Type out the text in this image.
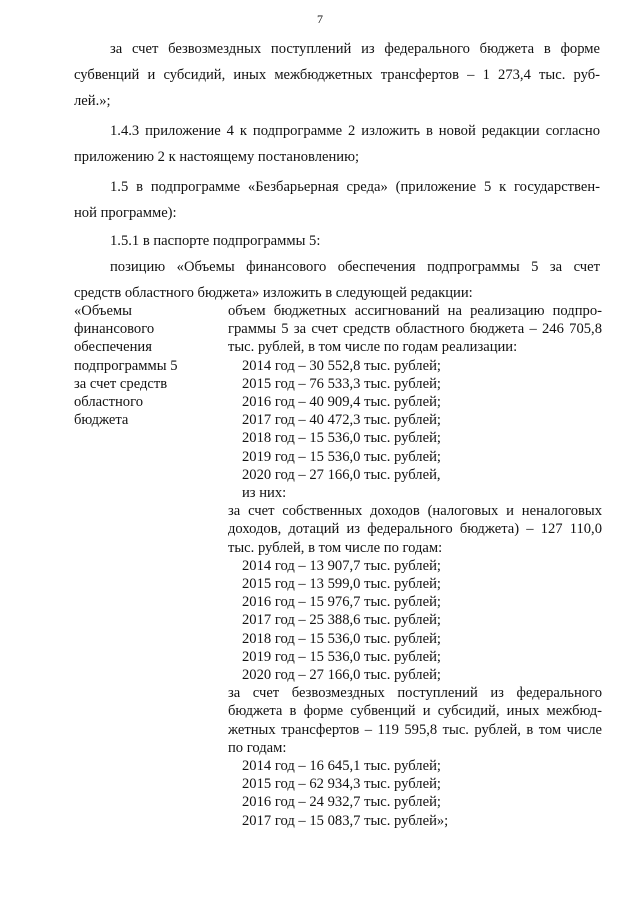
7
за счет безвозмездных поступлений из федерального бюджета в форме
субвенций и субсидий, иных межбюджетных трансфертов – 1 273,4 тыс. руб-
лей.»;
1.4.3 приложение 4 к подпрограмме 2 изложить в новой редакции согласно
приложению 2 к настоящему постановлению;
1.5 в подпрограмме «Безбарьерная среда» (приложение 5 к государствен-
ной программе):
1.5.1 в паспорте подпрограммы 5:
позицию «Объемы финансового обеспечения подпрограммы 5 за счет
средств областного бюджета» изложить в следующей редакции:
«Объемы
финансового
обеспечения
подпрограммы 5
за счет средств
областного
бюджета
объем бюджетных ассигнований на реализацию подпро-
граммы 5 за счет средств областного бюджета – 246 705,8
тыс. рублей, в том числе по годам реализации:
2014 год – 30 552,8 тыс. рублей;
2015 год – 76 533,3 тыс. рублей;
2016 год – 40 909,4 тыс. рублей;
2017 год – 40 472,3 тыс. рублей;
2018 год – 15 536,0 тыс. рублей;
2019 год – 15 536,0 тыс. рублей;
2020 год – 27 166,0 тыс. рублей,
из них:
за счет собственных доходов (налоговых и неналоговых
доходов, дотаций из федерального бюджета) – 127 110,0
тыс. рублей, в том числе по годам:
2014 год – 13 907,7 тыс. рублей;
2015 год – 13 599,0 тыс. рублей;
2016 год – 15 976,7 тыс. рублей;
2017 год – 25 388,6 тыс. рублей;
2018 год – 15 536,0 тыс. рублей;
2019 год – 15 536,0 тыс. рублей;
2020 год – 27 166,0 тыс. рублей;
за счет безвозмездных поступлений из федерального
бюджета в форме субвенций и субсидий, иных межбюд-
жетных трансфертов – 119 595,8 тыс. рублей, в том числе
по годам:
2014 год – 16 645,1 тыс. рублей;
2015 год – 62 934,3 тыс. рублей;
2016 год – 24 932,7 тыс. рублей;
2017 год – 15 083,7 тыс. рублей»;
